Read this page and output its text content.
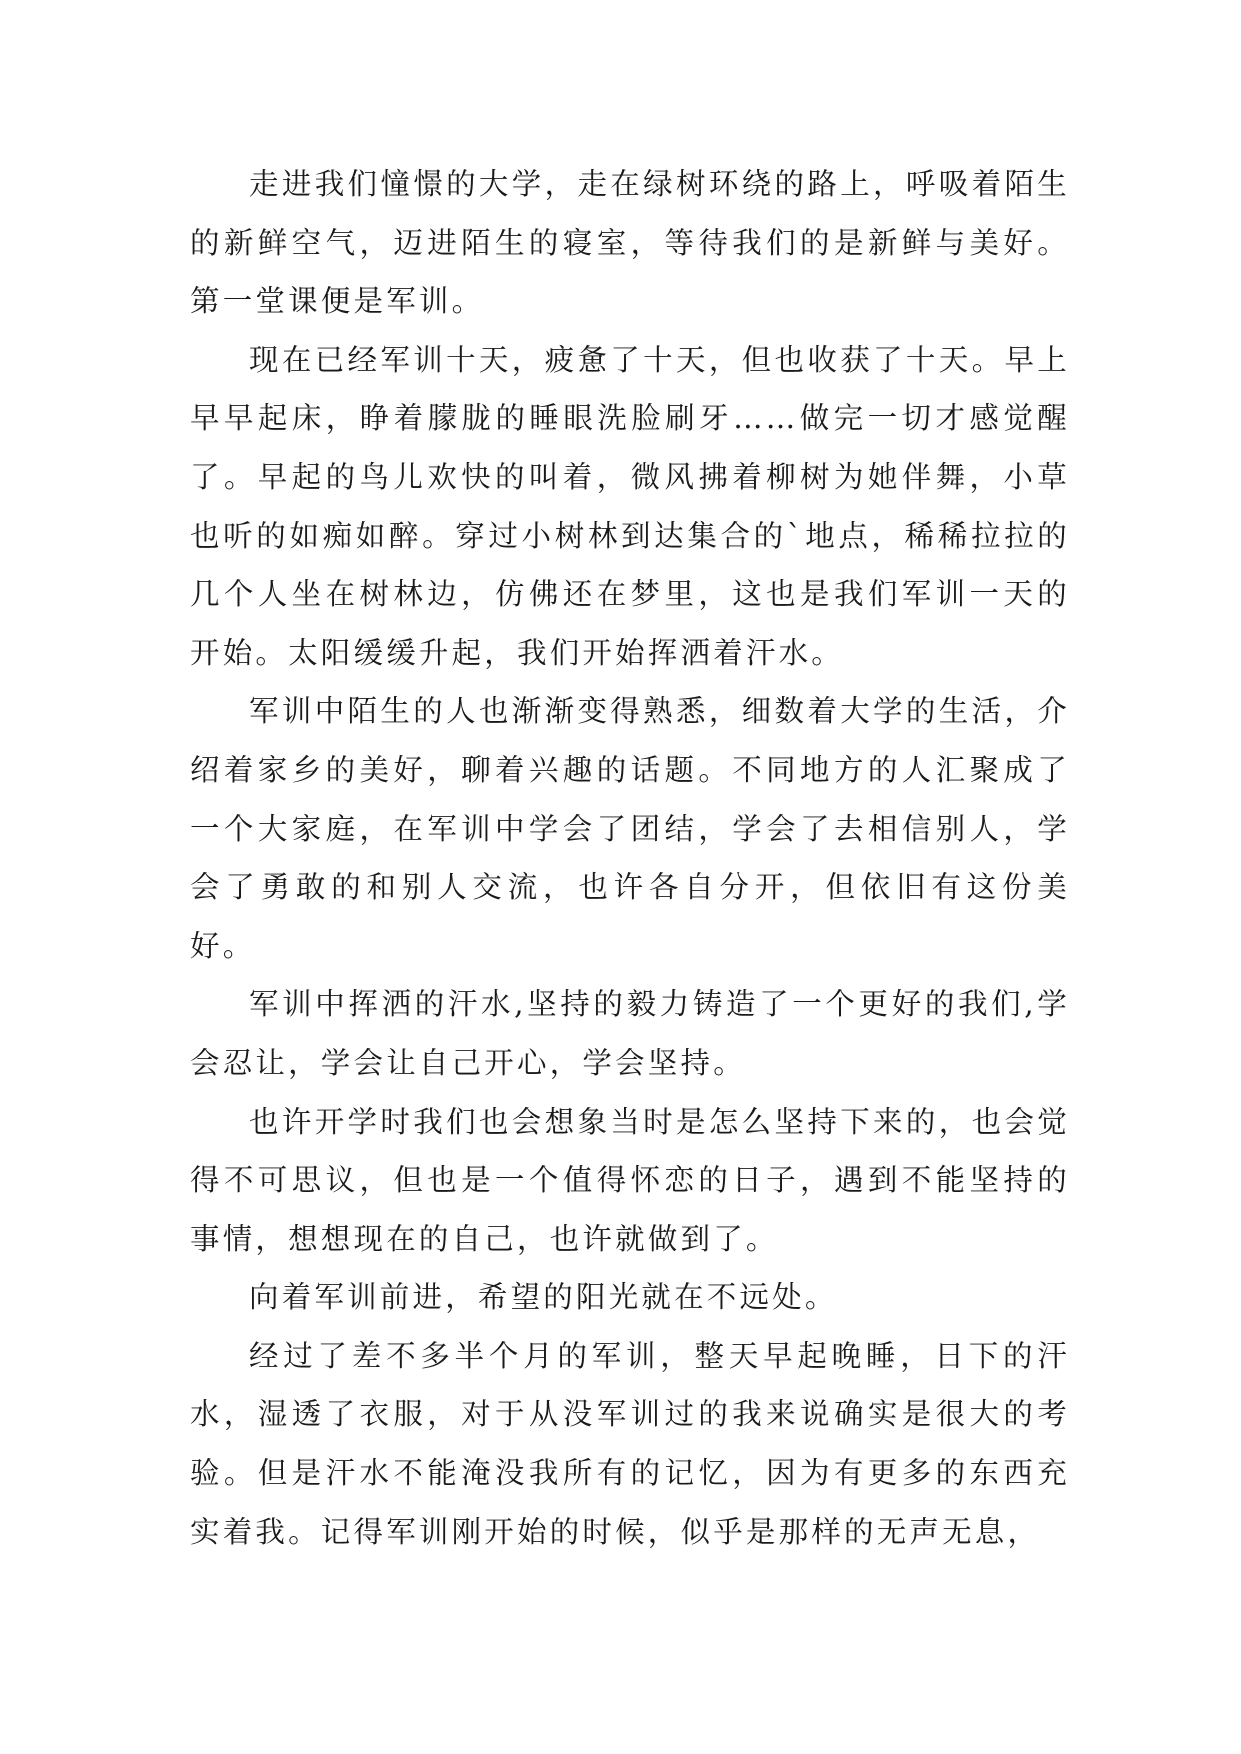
走进我们憧憬的大学，走在绿树环绕的路上，呼吸着陌生的新鲜空气，迈进陌生的寝室，等待我们的是新鲜与美好。第一堂课便是军训。

现在已经军训十天，疲惫了十天，但也收获了十天。早上早早起床，睁着朦胧的睡眼洗脸刷牙……做完一切才感觉醒了。早起的鸟儿欢快的叫着，微风拂着柳树为她伴舞，小草也听的如痴如醉。穿过小树林到达集合的`地点，稀稀拉拉的几个人坐在树林边，仿佛还在梦里，这也是我们军训一天的开始。太阳缓缓升起，我们开始挥洒着汗水。

军训中陌生的人也渐渐变得熟悉，细数着大学的生活，介绍着家乡的美好，聊着兴趣的话题。不同地方的人汇聚成了一个大家庭，在军训中学会了团结，学会了去相信别人，学会了勇敢的和别人交流，也许各自分开，但依旧有这份美好。

军训中挥洒的汗水,坚持的毅力铸造了一个更好的我们,学会忍让，学会让自己开心，学会坚持。

也许开学时我们也会想象当时是怎么坚持下来的，也会觉得不可思议，但也是一个值得怀恋的日子，遇到不能坚持的事情，想想现在的自己，也许就做到了。

向着军训前进，希望的阳光就在不远处。

经过了差不多半个月的军训，整天早起晚睡，日下的汗水，湿透了衣服，对于从没军训过的我来说确实是很大的考验。但是汗水不能淹没我所有的记忆，因为有更多的东西充实着我。记得军训刚开始的时候，似乎是那样的无声无息，
